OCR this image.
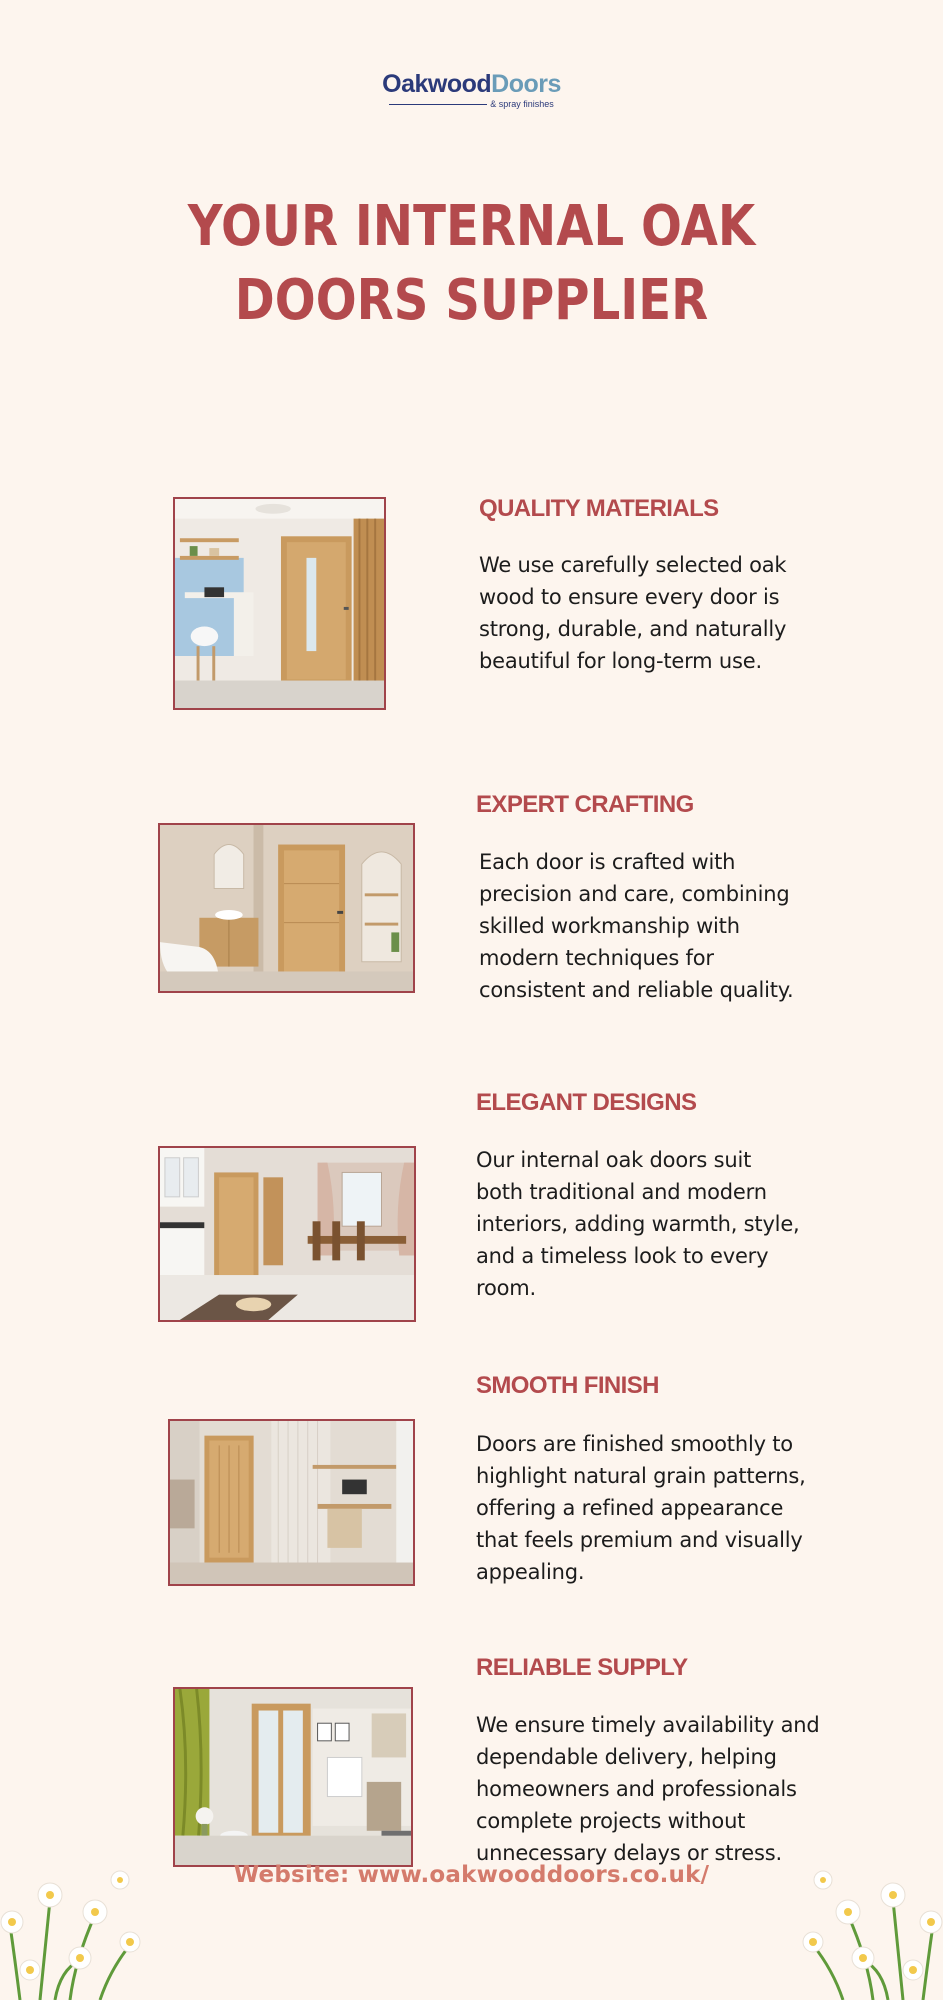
OakwoodDoors
& spray finishes
YOUR INTERNAL OAK
DOORS SUPPLIER
QUALITY MATERIALS
We use carefully selected oak
wood to ensure every door is
strong, durable, and naturally
beautiful for long-term use.
EXPERT CRAFTING
Each door is crafted with
precision and care, combining
skilled workmanship with
modern techniques for
consistent and reliable quality.
ELEGANT DESIGNS
Our internal oak doors suit
both traditional and modern
interiors, adding warmth, style,
and a timeless look to every
room.
SMOOTH FINISH
Doors are finished smoothly to
highlight natural grain patterns,
offering a refined appearance
that feels premium and visually
appealing.
RELIABLE SUPPLY
We ensure timely availability and
dependable delivery, helping
homeowners and professionals
complete projects without
unnecessary delays or stress.
Website: www.oakwooddoors.co.uk/
